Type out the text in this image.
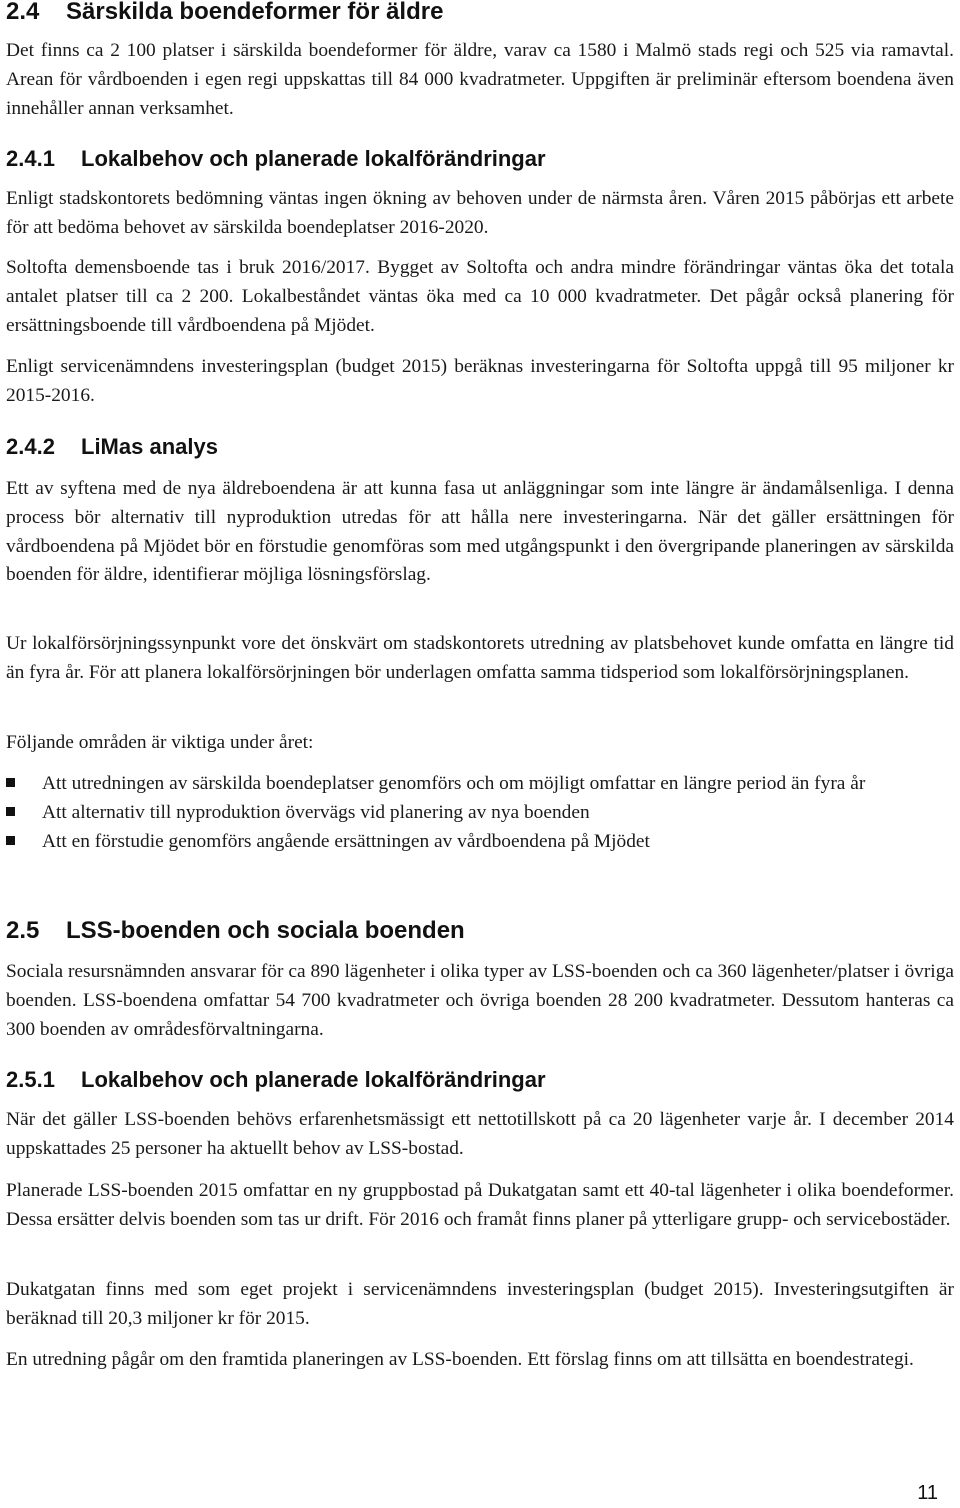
2.4 Särskilda boendeformer för äldre

Det finns ca 2 100 platser i särskilda boendeformer för äldre, varav ca 1580 i Malmö stads regi och 525 via ramavtal. Arean för vårdboenden i egen regi uppskattas till 84 000 kvadratmeter. Uppgiften är preliminär eftersom boendena även innehåller annan verksamhet.

2.4.1 Lokalbehov och planerade lokalförändringar

Enligt stadskontorets bedömning väntas ingen ökning av behoven under de närmsta åren. Våren 2015 påbörjas ett arbete för att bedöma behovet av särskilda boendeplatser 2016-2020.

Soltofta demensboende tas i bruk 2016/2017. Bygget av Soltofta och andra mindre förändringar väntas öka det totala antalet platser till ca 2 200. Lokalbeståndet väntas öka med ca 10 000 kvadratmeter. Det pågår också planering för ersättningsboende till vårdboendena på Mjödet.

Enligt servicenämndens investeringsplan (budget 2015) beräknas investeringarna för Soltofta uppgå till 95 miljoner kr 2015-2016.

2.4.2 LiMas analys

Ett av syftena med de nya äldreboendena är att kunna fasa ut anläggningar som inte längre är ändamålsenliga. I denna process bör alternativ till nyproduktion utredas för att hålla nere investeringarna. När det gäller ersättningen för vårdboendena på Mjödet bör en förstudie genomföras som med utgångspunkt i den övergripande planeringen av särskilda boenden för äldre, identifierar möjliga lösningsförslag.

Ur lokalförsörjningssynpunkt vore det önskvärt om stadskontorets utredning av platsbehovet kunde omfatta en längre tid än fyra år. För att planera lokalförsörjningen bör underlagen omfatta samma tidsperiod som lokalförsörjningsplanen.

Följande områden är viktiga under året:

Att utredningen av särskilda boendeplatser genomförs och om möjligt omfattar en längre period än fyra år
Att alternativ till nyproduktion övervägs vid planering av nya boenden
Att en förstudie genomförs angående ersättningen av vårdboendena på Mjödet
2.5 LSS-boenden och sociala boenden

Sociala resursnämnden ansvarar för ca 890 lägenheter i olika typer av LSS-boenden och ca 360 lägenheter/platser i övriga boenden. LSS-boendena omfattar 54 700 kvadratmeter och övriga boenden 28 200 kvadratmeter. Dessutom hanteras ca 300 boenden av områdesförvaltningarna.

2.5.1 Lokalbehov och planerade lokalförändringar

När det gäller LSS-boenden behövs erfarenhetsmässigt ett nettotillskott på ca 20 lägenheter varje år. I december 2014 uppskattades 25 personer ha aktuellt behov av LSS-bostad.

Planerade LSS-boenden 2015 omfattar en ny gruppbostad på Dukatgatan samt ett 40-tal lägenheter i olika boendeformer. Dessa ersätter delvis boenden som tas ur drift. För 2016 och framåt finns planer på ytterligare grupp- och servicebostäder.

Dukatgatan finns med som eget projekt i servicenämndens investeringsplan (budget 2015). Investeringsutgiften är beräknad till 20,3 miljoner kr för 2015.

En utredning pågår om den framtida planeringen av LSS-boenden. Ett förslag finns om att tillsätta en boendestrategi.

11
